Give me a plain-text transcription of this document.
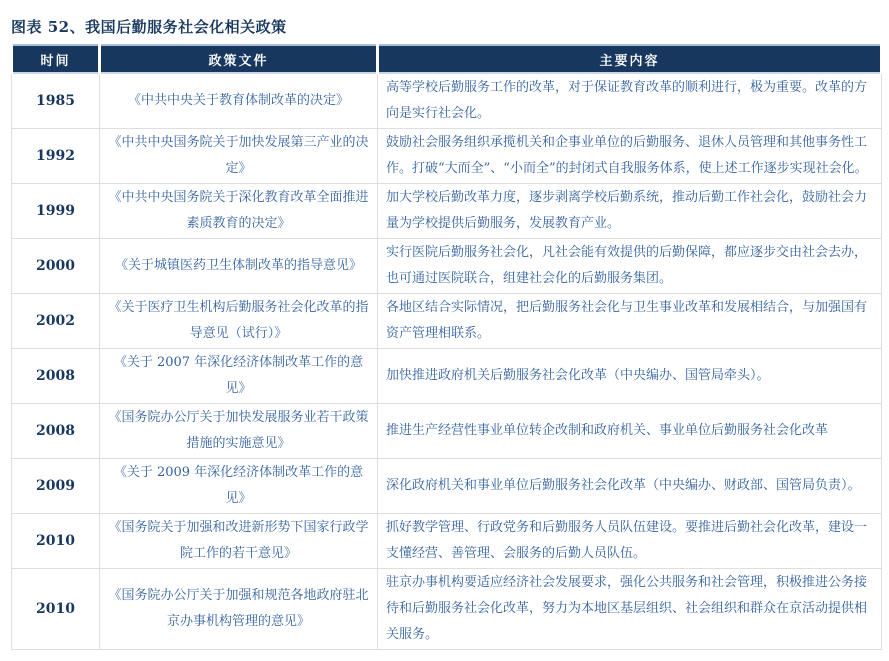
图表 52、我国后勤服务社会化相关政策
时间	政策文件	主要内容
1985	《中共中央关于教育体制改革的决定》	高等学校后勤服务工作的改革，对于保证教育改革的顺利进行，极为重要。改革的方向是实行社会化。
1992	《中共中央国务院关于加快发展第三产业的决定》	鼓励社会服务组织承揽机关和企事业单位的后勤服务、退休人员管理和其他事务性工作。打破“大而全”、“小而全”的封闭式自我服务体系，使上述工作逐步实现社会化。
1999	《中共中央国务院关于深化教育改革全面推进素质教育的决定》	加大学校后勤改革力度，逐步剥离学校后勤系统，推动后勤工作社会化，鼓励社会力量为学校提供后勤服务，发展教育产业。
2000	《关于城镇医药卫生体制改革的指导意见》	实行医院后勤服务社会化，凡社会能有效提供的后勤保障，都应逐步交由社会去办，也可通过医院联合，组建社会化的后勤服务集团。
2002	《关于医疗卫生机构后勤服务社会化改革的指导意见（试行）》	各地区结合实际情况，把后勤服务社会化与卫生事业改革和发展相结合，与加强国有资产管理相联系。
2008	《关于 2007 年深化经济体制改革工作的意见》	加快推进政府机关后勤服务社会化改革（中央编办、国管局牵头）。
2008	《国务院办公厅关于加快发展服务业若干政策措施的实施意见》	推进生产经营性事业单位转企改制和政府机关、事业单位后勤服务社会化改革
2009	《关于 2009 年深化经济体制改革工作的意见》	深化政府机关和事业单位后勤服务社会化改革（中央编办、财政部、国管局负责）。
2010	《国务院关于加强和改进新形势下国家行政学院工作的若干意见》	抓好教学管理、行政党务和后勤服务人员队伍建设。要推进后勤社会化改革，建设一支懂经营、善管理、会服务的后勤人员队伍。
2010	《国务院办公厅关于加强和规范各地政府驻北京办事机构管理的意见》	驻京办事机构要适应经济社会发展要求，强化公共服务和社会管理，积极推进公务接待和后勤服务社会化改革，努力为本地区基层组织、社会组织和群众在京活动提供相关服务。
